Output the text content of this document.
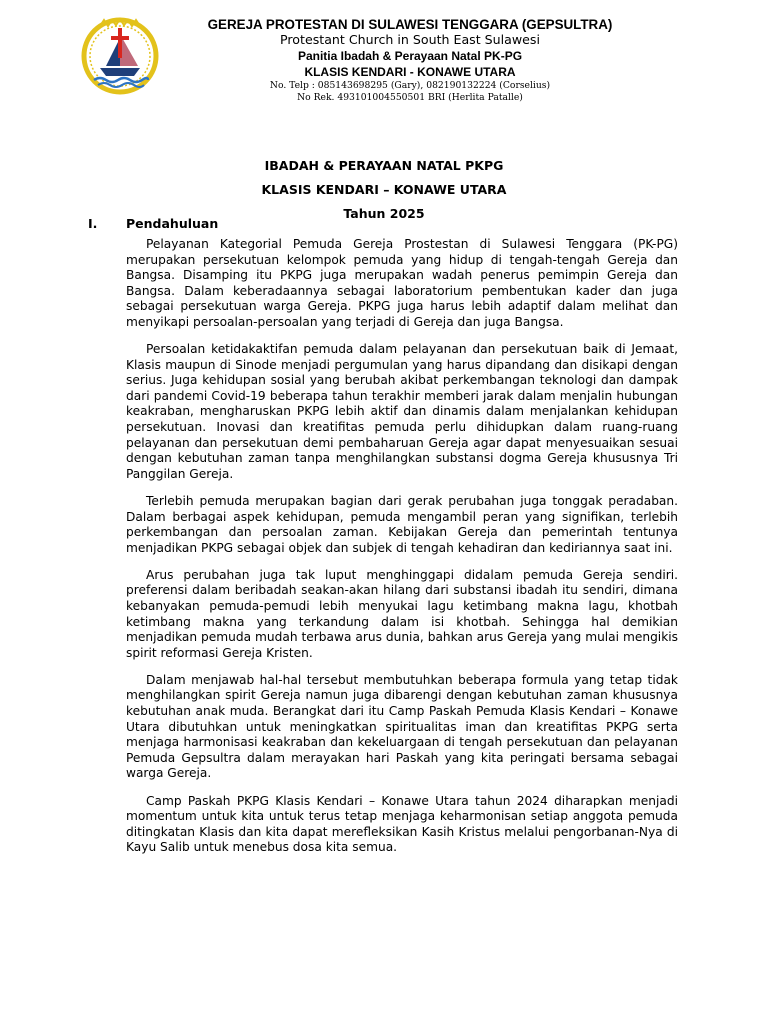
GEREJA PROTESTAN DI SULAWESI TENGGARA (GEPSULTRA)
Protestant Church in South East Sulawesi
Panitia Ibadah & Perayaan Natal PK-PG
KLASIS KENDARI - KONAWE UTARA
No. Telp : 085143698295 (Gary), 082190132224 (Corselius)
No Rek. 493101004550501 BRI (Herlita Patalle)
IBADAH & PERAYAAN NATAL PKPG
KLASIS KENDARI – KONAWE UTARA
Tahun 2025
I. Pendahuluan

Pelayanan Kategorial Pemuda Gereja Prostestan di Sulawesi Tenggara (PK-PG) merupakan persekutuan kelompok pemuda yang hidup di tengah-tengah Gereja dan Bangsa. Disamping itu PKPG juga merupakan wadah penerus pemimpin Gereja dan Bangsa. Dalam keberadaannya sebagai laboratorium pembentukan kader dan juga sebagai persekutuan warga Gereja. PKPG juga harus lebih adaptif dalam melihat dan menyikapi persoalan-persoalan yang terjadi di Gereja dan juga Bangsa.

Persoalan ketidakaktifan pemuda dalam pelayanan dan persekutuan baik di Jemaat, Klasis maupun di Sinode menjadi pergumulan yang harus dipandang dan disikapi dengan serius. Juga kehidupan sosial yang berubah akibat perkembangan teknologi dan dampak dari pandemi Covid-19 beberapa tahun terakhir memberi jarak dalam menjalin hubungan keakraban, mengharuskan PKPG lebih aktif dan dinamis dalam menjalankan kehidupan persekutuan. Inovasi dan kreatifitas pemuda perlu dihidupkan dalam ruang-ruang pelayanan dan persekutuan demi pembaharuan Gereja agar dapat menyesuaikan sesuai dengan kebutuhan zaman tanpa menghilangkan substansi dogma Gereja khususnya Tri Panggilan Gereja.

Terlebih pemuda merupakan bagian dari gerak perubahan juga tonggak peradaban. Dalam berbagai aspek kehidupan, pemuda mengambil peran yang signifikan, terlebih perkembangan dan persoalan zaman. Kebijakan Gereja dan pemerintah tentunya menjadikan PKPG sebagai objek dan subjek di tengah kehadiran dan kediriannya saat ini.

Arus perubahan juga tak luput menghinggapi didalam pemuda Gereja sendiri. preferensi dalam beribadah seakan-akan hilang dari substansi ibadah itu sendiri, dimana kebanyakan pemuda-pemudi lebih menyukai lagu ketimbang makna lagu, khotbah ketimbang makna yang terkandung dalam isi khotbah. Sehingga hal demikian menjadikan pemuda mudah terbawa arus dunia, bahkan arus Gereja yang mulai mengikis spirit reformasi Gereja Kristen.

Dalam menjawab hal-hal tersebut membutuhkan beberapa formula yang tetap tidak menghilangkan spirit Gereja namun juga dibarengi dengan kebutuhan zaman khususnya kebutuhan anak muda. Berangkat dari itu Camp Paskah Pemuda Klasis Kendari – Konawe Utara dibutuhkan untuk meningkatkan spiritualitas iman dan kreatifitas PKPG serta menjaga harmonisasi keakraban dan kekeluargaan di tengah persekutuan dan pelayanan Pemuda Gepsultra dalam merayakan hari Paskah yang kita peringati bersama sebagai warga Gereja.

Camp Paskah PKPG Klasis Kendari – Konawe Utara tahun 2024 diharapkan menjadi momentum untuk kita untuk terus tetap menjaga keharmonisan setiap anggota pemuda ditingkatan Klasis dan kita dapat merefleksikan Kasih Kristus melalui pengorbanan-Nya di Kayu Salib untuk menebus dosa kita semua.
